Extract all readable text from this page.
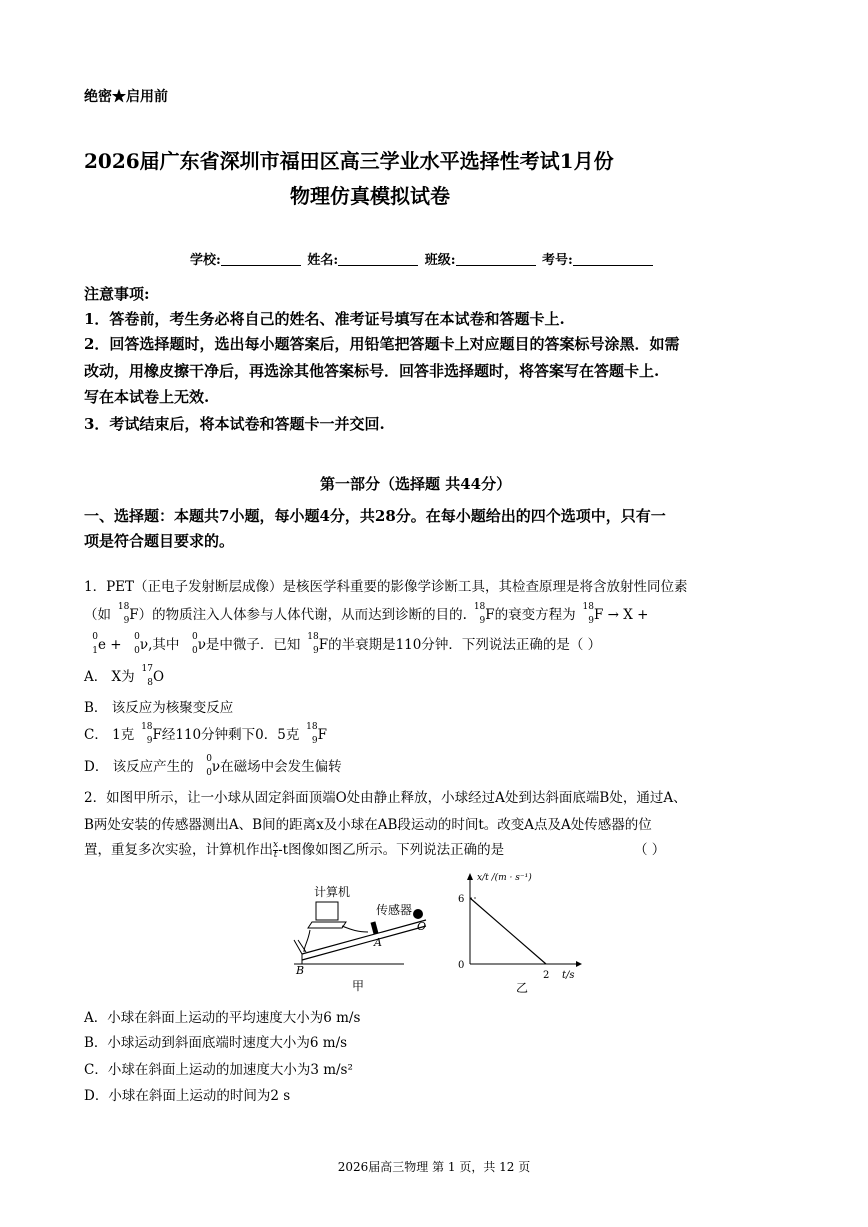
绝密★启用前
2026届广东省深圳市福田区高三学业水平选择性考试1月份
物理仿真模拟试卷
学校:	姓名:	班级:	考号:
注意事项:
1．答卷前，考生务必将自己的姓名、准考证号填写在本试卷和答题卡上.
2．回答选择题时，选出每小题答案后，用铅笔把答题卡上对应题目的答案标号涂黑．如需
改动，用橡皮擦干净后，再选涂其他答案标号．回答非选择题时，将答案写在答题卡上.
写在本试卷上无效.
3．考试结束后，将本试卷和答题卡一并交回.
第一部分（选择题 共44分）
一、选择题：本题共7小题，每小题4分，共28分。在每小题给出的四个选项中，只有一
项是符合题目要求的。
1．PET（正电子发射断层成像）是核医学科重要的影像学诊断工具，其检查原理是将含放射性同位素
（如
18
9 F）的物质注入人体参与人体代谢，从而达到诊断的目的.
18
9 F的衰变方程为
18
9 F → X +
0
1 e +
0
0 ν,其中
0
0 ν是中微子．已知
18
9 F的半衰期是110分钟．下列说法正确的是（ ）
A． X为
17
8 O
B． 该反应为核聚变反应
C． 1克
18
9 F经110分钟剩下0．5克
18
9 F
D． 该反应产生的
0
0 ν在磁场中会发生偏转
2．如图甲所示，让一小球从固定斜面顶端O处由静止释放，小球经过A处到达斜面底端B处，通过A、
B两处安装的传感器测出A、B间的距离x及小球在AB段运动的时间t。改变A点及A处传感器的位
置，重复多次实验，计算机作出 $\frac{x}{t} -t$图像如图乙所示。下列说法正确的是	（ ）
计算机
传感器
A
B
O
甲
x/t /(m · s⁻¹)
6
0
2 t/s
乙
A．小球在斜面上运动的平均速度大小为6 m/s
B．小球运动到斜面底端时速度大小为6 m/s
C．小球在斜面上运动的加速度大小为3 m/s²
D．小球在斜面上运动的时间为2 s
2026届高三物理 第 1 页，共 12 页
